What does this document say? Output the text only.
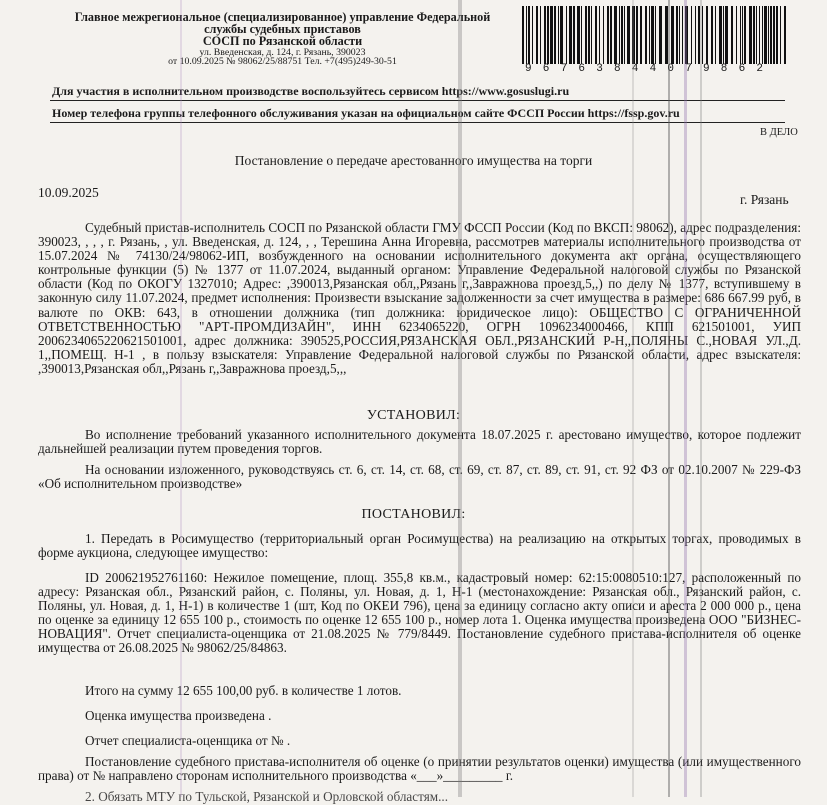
Главное межрегиональное (специализированное) управление Федеральной
службы судебных приставов
СОСП по Рязанской области
ул. Введенская, д. 124, г. Рязань, 390023
от 10.09.2025 № 98062/25/88751 Тел. +7(495)249-30-51
96763844079862
Для участия в исполнительном производстве воспользуйтесь сервисом https://www.gosuslugi.ru
Номер телефона группы телефонного обслуживания указан на официальном сайте ФССП России https://fssp.gov.ru
В ДЕЛО
Постановление о передаче арестованного имущества на торги
10.09.2025	г. Рязань
Судебный пристав-исполнитель СОСП по Рязанской области ГМУ ФССП России (Код по ВКСП: 98062), адрес подразделения: 390023, , , , г. Рязань, , ул. Введенская, д. 124, , , Терешина Анна Игоревна, рассмотрев материалы исполнительного производства от 15.07.2024 № 74130/24/98062-ИП, возбужденного на основании исполнительного документа акт органа, осуществляющего контрольные функции (5) № 1377 от 11.07.2024, выданный органом: Управление Федеральной налоговой службы по Рязанской области (Код по ОКОГУ 1327010; Адрес: ,390013,Рязанская обл,,Рязань г,,Завражнова проезд,5,,) по делу № 1377, вступившему в законную силу 11.07.2024, предмет исполнения: Произвести взыскание задолженности за счет имущества в размере: 686 667.99 руб, в валюте по ОКВ: 643, в отношении должника (тип должника: юридическое лицо): ОБЩЕСТВО С ОГРАНИЧЕННОЙ ОТВЕТСТВЕННОСТЬЮ "АРТ-ПРОМДИЗАЙН", ИНН 6234065220, ОГРН 1096234000466, КПП 621501001, УИП 2006234065220621501001, адрес должника: 390525,РОССИЯ,РЯЗАНСКАЯ ОБЛ.,РЯЗАНСКИЙ Р-Н,,ПОЛЯНЫ С.,НОВАЯ УЛ.,Д. 1,,ПОМЕЩ. Н-1 , в пользу взыскателя: Управление Федеральной налоговой службы по Рязанской области, адрес взыскателя: ,390013,Рязанская обл,,Рязань г,,Завражнова проезд,5,,,
УСТАНОВИЛ:
Во исполнение требований указанного исполнительного документа 18.07.2025 г. арестовано имущество, которое подлежит дальнейшей реализации путем проведения торгов.
На основании изложенного, руководствуясь ст. 6, ст. 14, ст. 68, ст. 69, ст. 87, ст. 89, ст. 91, ст. 92 ФЗ от 02.10.2007 № 229-ФЗ «Об исполнительном производстве»
ПОСТАНОВИЛ:
1. Передать в Росимущество (территориальный орган Росимущества) на реализацию на открытых торгах, проводимых в форме аукциона, следующее имущество:
ID 200621952761160: Нежилое помещение, площ. 355,8 кв.м., кадастровый номер: 62:15:0080510:127, расположенный по адресу: Рязанская обл., Рязанский район, с. Поляны, ул. Новая, д. 1, Н-1 (местонахождение: Рязанская обл., Рязанский район, с. Поляны, ул. Новая, д. 1, Н-1) в количестве 1 (шт, Код по ОКЕИ 796), цена за единицу согласно акту описи и ареста 2 000 000 р., цена по оценке за единицу 12 655 100 р., стоимость по оценке 12 655 100 р., номер лота 1. Оценка имущества произведена ООО "БИЗНЕС-НОВАЦИЯ". Отчет специалиста-оценщика от 21.08.2025 № 779/8449. Постановление судебного пристава-исполнителя об оценке имущества от 26.08.2025 № 98062/25/84863.
Итого на сумму 12 655 100,00 руб. в количестве 1 лотов.
Оценка имущества произведена .
Отчет специалиста-оценщика от № .
Постановление судебного пристава-исполнителя об оценке (о принятии результатов оценки) имущества (или имущественного права) от № направлено сторонам исполнительного производства «___»_________ г.
2. Обязать МТУ по Тульской, Рязанской и Орловской областям...
